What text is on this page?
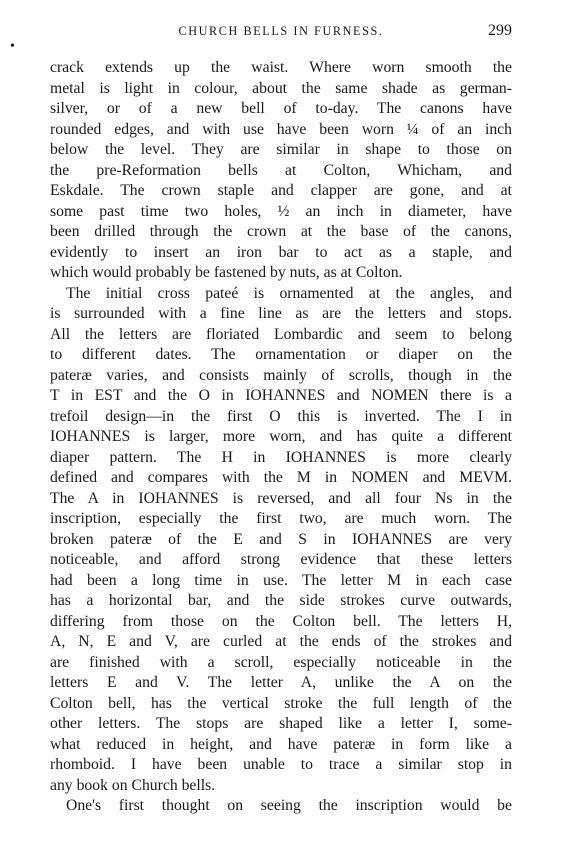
•
CHURCH BELLS IN FURNESS.	299
crack extends up the waist. Where worn smooth the
metal is light in colour, about the same shade as german-
silver, or of a new bell of to-day. The canons have
rounded edges, and with use have been worn ¼ of an inch
below the level. They are similar in shape to those on
the pre-Reformation bells at Colton, Whicham, and
Eskdale. The crown staple and clapper are gone, and at
some past time two holes, ½ an inch in diameter, have
been drilled through the crown at the base of the canons,
evidently to insert an iron bar to act as a staple, and
which would probably be fastened by nuts, as at Colton.
The initial cross pateé is ornamented at the angles, and
is surrounded with a fine line as are the letters and stops.
All the letters are floriated Lombardic and seem to belong
to different dates. The ornamentation or diaper on the
pateræ varies, and consists mainly of scrolls, though in the
T in EST and the O in IOHANNES and NOMEN there is a
trefoil design—in the first O this is inverted. The I in
IOHANNES is larger, more worn, and has quite a different
diaper pattern. The H in IOHANNES is more clearly
defined and compares with the M in NOMEN and MEVM.
The A in IOHANNES is reversed, and all four Ns in the
inscription, especially the first two, are much worn. The
broken pateræ of the E and S in IOHANNES are very
noticeable, and afford strong evidence that these letters
had been a long time in use. The letter M in each case
has a horizontal bar, and the side strokes curve outwards,
differing from those on the Colton bell. The letters H,
A, N, E and V, are curled at the ends of the strokes and
are finished with a scroll, especially noticeable in the
letters E and V. The letter A, unlike the A on the
Colton bell, has the vertical stroke the full length of the
other letters. The stops are shaped like a letter I, some-
what reduced in height, and have pateræ in form like a
rhomboid. I have been unable to trace a similar stop in
any book on Church bells.
One's first thought on seeing the inscription would be
